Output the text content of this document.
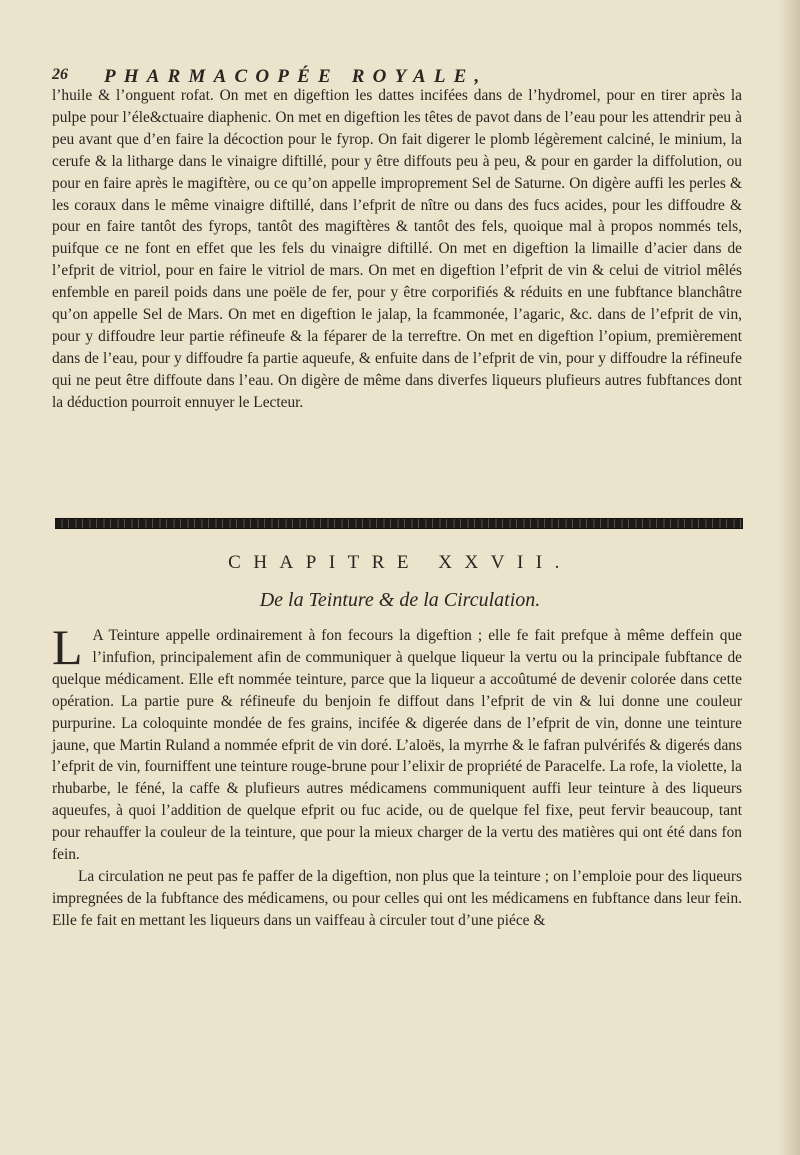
26 PHARMACOPÉE ROYALE,

l’huile & l’onguent rofat. On met en digeftion les dattes incifées dans de l’hydromel, pour en tirer après la pulpe pour l’éle&ctuaire diaphenic. On met en digeftion les têtes de pavot dans de l’eau pour les attendrir peu à peu avant que d’en faire la décoction pour le fyrop. On fait digerer le plomb légèrement calciné, le minium, la cerufe & la litharge dans le vinaigre diftillé, pour y être diffouts peu à peu, & pour en garder la diffolution, ou pour en faire après le magiftère, ou ce qu’on appelle improprement Sel de Saturne. On digère auffi les perles & les coraux dans le même vinaigre diftillé, dans l’efprit de nître ou dans des fucs acides, pour les diffoudre & pour en faire tantôt des fyrops, tantôt des magiftères & tantôt des fels, quoique mal à propos nommés tels, puifque ce ne font en effet que les fels du vinaigre diftillé. On met en digeftion la limaille d’acier dans de l’efprit de vitriol, pour en faire le vitriol de mars. On met en digeftion l’efprit de vin & celui de vitriol mêlés enfemble en pareil poids dans une poële de fer, pour y être corporifiés & réduits en une fubftance blanchâtre qu’on appelle Sel de Mars. On met en digeftion le jalap, la fcammonée, l’agaric, &c. dans de l’efprit de vin, pour y diffoudre leur partie réfineufe & la féparer de la terreftre. On met en digeftion l’opium, premièrement dans de l’eau, pour y diffoudre fa partie aqueufe, & enfuite dans de l’efprit de vin, pour y diffoudre la réfineufe qui ne peut être diffoute dans l’eau. On digère de même dans diverfes liqueurs plufieurs autres fubftances dont la déduction pourroit ennuyer le Lecteur.

CHAPITRE XXVII.
De la Teinture & de la Circulation.

L A Teinture appelle ordinairement à fon fecours la digeftion ; elle fe fait prefque à même deffein que l’infufion, principalement afin de communiquer à quelque liqueur la vertu ou la principale fubftance de quelque médicament. Elle eft nommée teinture, parce que la liqueur a accoûtumé de devenir colorée dans cette opération. La partie pure & réfineufe du benjoin fe diffout dans l’efprit de vin & lui donne une couleur purpurine. La coloquinte mondée de fes grains, incifée & digerée dans de l’efprit de vin, donne une teinture jaune, que Martin Ruland a nommée efprit de vin doré. L’aloës, la myrrhe & le fafran pulvérifés & digerés dans l’efprit de vin, fourniffent une teinture rouge-brune pour l’elixir de propriété de Paracelfe. La rofe, la violette, la rhubarbe, le féné, la caffe & plufieurs autres médicamens communiquent auffi leur teinture à des liqueurs aqueufes, à quoi l’addition de quelque efprit ou fuc acide, ou de quelque fel fixe, peut fervir beaucoup, tant pour rehauffer la couleur de la teinture, que pour la mieux charger de la vertu des matières qui ont été dans fon fein.

La circulation ne peut pas fe paffer de la digeftion, non plus que la teinture ; on l’emploie pour des liqueurs impregnées de la fubftance des médicamens, ou pour celles qui ont les médicamens en fubftance dans leur fein. Elle fe fait en mettant les liqueurs dans un vaiffeau à circuler tout d’une piéce &
